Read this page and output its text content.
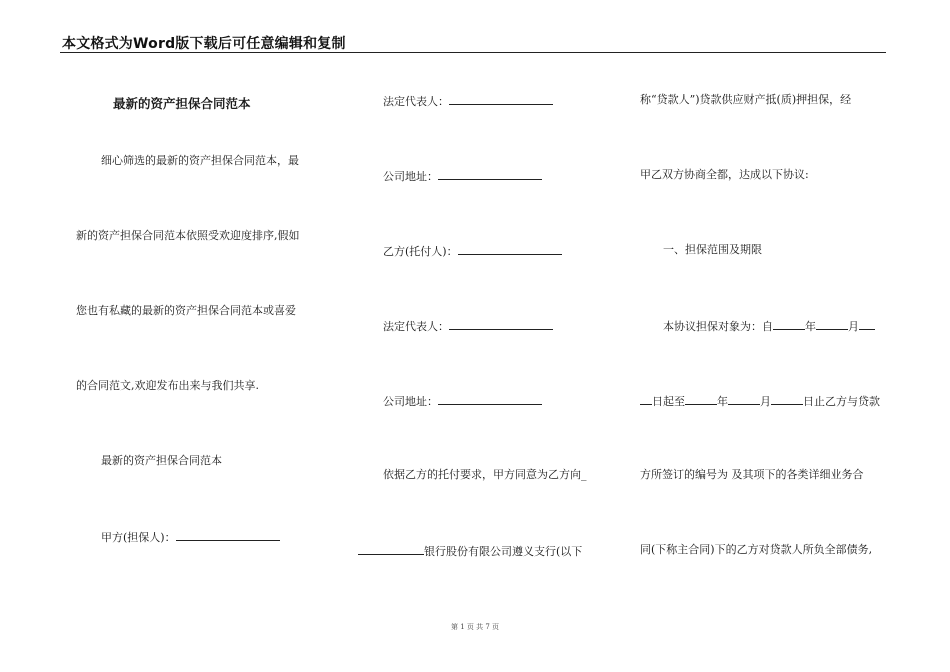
本文格式为Word版下载后可任意编辑和复制
最新的资产担保合同范本
细心筛选的最新的资产担保合同范本，最
新的资产担保合同范本依照受欢迎度排序,假如
您也有私藏的最新的资产担保合同范本或喜爱
的合同范文,欢迎发布出来与我们共享.
最新的资产担保合同范本
甲方(担保人)：
法定代表人：
公司地址：
乙方(托付人)：
法定代表人：
公司地址：
依据乙方的托付要求，甲方同意为乙方向_
银行股份有限公司遵义支行(以下
称“贷款人”)贷款供应财产抵(质)押担保，经
甲乙双方协商全都，达成以下协议:
一、担保范围及期限
本协议担保对象为：自	年	月
日起至	年	月	日止乙方与贷款
方所签订的编号为 及其项下的各类详细业务合
同(下称主合同)下的乙方对贷款人所负全部债务,
第 1 页 共 7 页
